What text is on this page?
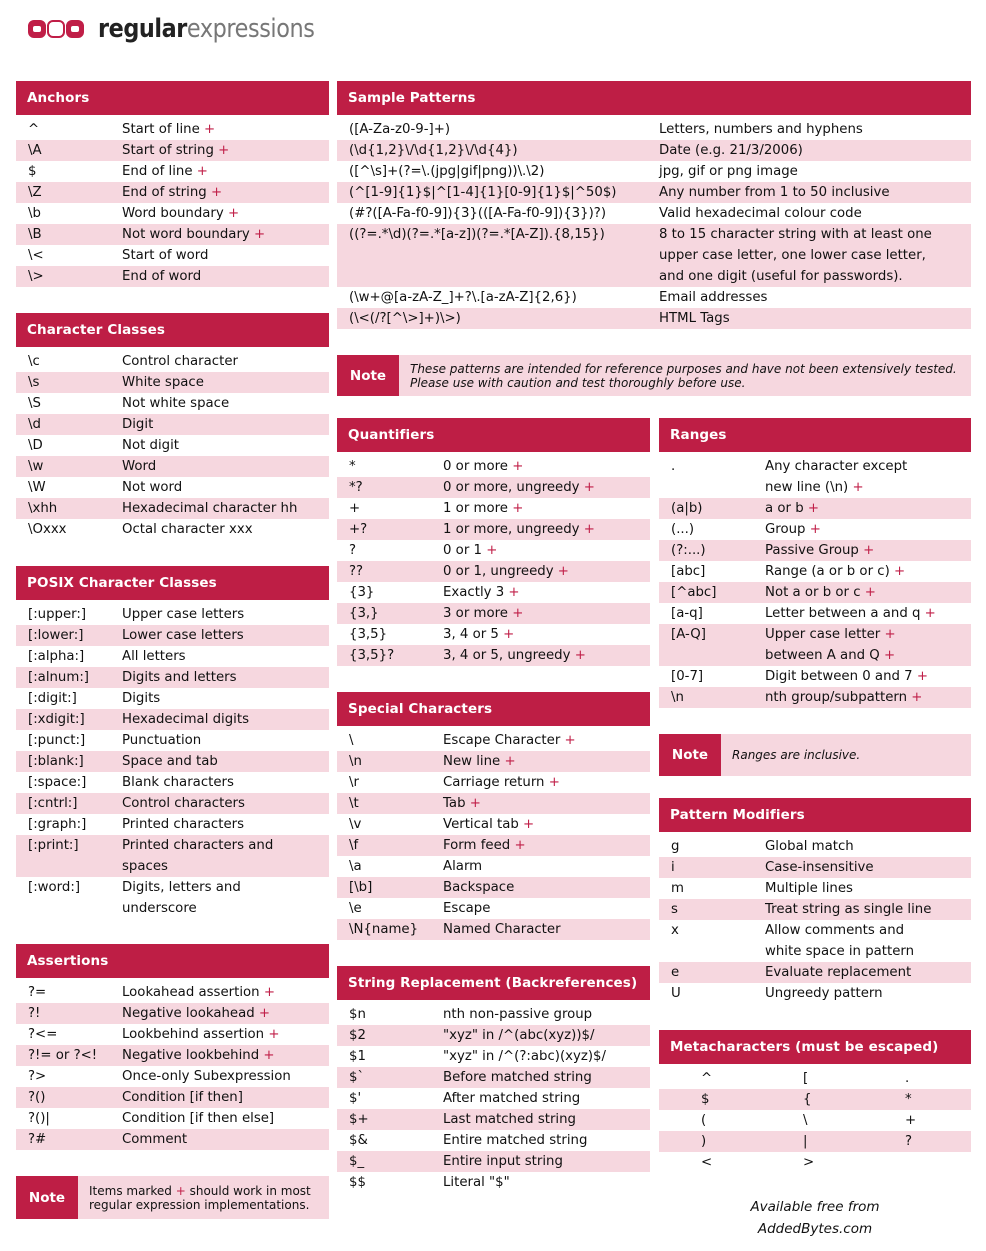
regularexpressions
Anchors
^	Start of line +
\A	Start of string +
$	End of line +
\Z	End of string +
\b	Word boundary +
\B	Not word boundary +
\<	Start of word
\>	End of word
Character Classes
\c	Control character
\s	White space
\S	Not white space
\d	Digit
\D	Not digit
\w	Word
\W	Not word
\xhh	Hexadecimal character hh
\Oxxx	Octal character xxx
POSIX Character Classes
[:upper:]	Upper case letters
[:lower:]	Lower case letters
[:alpha:]	All letters
[:alnum:]	Digits and letters
[:digit:]	Digits
[:xdigit:]	Hexadecimal digits
[:punct:]	Punctuation
[:blank:]	Space and tab
[:space:]	Blank characters
[:cntrl:]	Control characters
[:graph:]	Printed characters
[:print:]	Printed characters and
spaces
[:word:]	Digits, letters and
underscore
Assertions
?=	Lookahead assertion +
?!	Negative lookahead +
?<=	Lookbehind assertion +
?!= or ?<!	Negative lookbehind +
?>	Once-only Subexpression
?()	Condition [if then]
?()|	Condition [if then else]
?#	Comment
Note	Items marked + should work in most
regular expression implementations.
Sample Patterns
([A-Za-z0-9-]+)	Letters, numbers and hyphens
(\d{1,2}\/\d{1,2}\/\d{4})	Date (e.g. 21/3/2006)
([^\s]+(?=\.(jpg|gif|png))\.\2)	jpg, gif or png image
(^[1-9]{1}$|^[1-4]{1}[0-9]{1}$|^50$)	Any number from 1 to 50 inclusive
(#?([A-Fa-f0-9]){3}(([A-Fa-f0-9]){3})?)	Valid hexadecimal colour code
((?=.*\d)(?=.*[a-z])(?=.*[A-Z]).{8,15})	8 to 15 character string with at least one
upper case letter, one lower case letter,
and one digit (useful for passwords).
(\w+@[a-zA-Z_]+?\.[a-zA-Z]{2,6})	Email addresses
(\<(/?[^\>]+)\>)	HTML Tags
Note	These patterns are intended for reference purposes and have not been extensively tested.
Please use with caution and test thoroughly before use.
Quantifiers
*	0 or more +
*?	0 or more, ungreedy +
+	1 or more +
+?	1 or more, ungreedy +
?	0 or 1 +
??	0 or 1, ungreedy +
{3}	Exactly 3 +
{3,}	3 or more +
{3,5}	3, 4 or 5 +
{3,5}?	3, 4 or 5, ungreedy +
Special Characters
\	Escape Character +
\n	New line +
\r	Carriage return +
\t	Tab +
\v	Vertical tab +
\f	Form feed +
\a	Alarm
[\b]	Backspace
\e	Escape
\N{name}	Named Character
String Replacement (Backreferences)
$n	nth non-passive group
$2	"xyz" in /^(abc(xyz))$/
$1	"xyz" in /^(?:abc)(xyz)$/
$`	Before matched string
$'	After matched string
$+	Last matched string
$&	Entire matched string
$_	Entire input string
$$	Literal "$"
Ranges
.	Any character except
new line (\n) +
(a|b)	a or b +
(...)	Group +
(?:...)	Passive Group +
[abc]	Range (a or b or c) +
[^abc]	Not a or b or c +
[a-q]	Letter between a and q +
[A-Q]	Upper case letter +
between A and Q +
[0-7]	Digit between 0 and 7 +
\n	nth group/subpattern +
Note	Ranges are inclusive.
Pattern Modifiers
g	Global match
i	Case-insensitive
m	Multiple lines
s	Treat string as single line
x	Allow comments and
white space in pattern
e	Evaluate replacement
U	Ungreedy pattern
Metacharacters (must be escaped)
^	[	.
$	{	*
(	\	+
)	|	?
<	>
Available free from
AddedBytes.com
